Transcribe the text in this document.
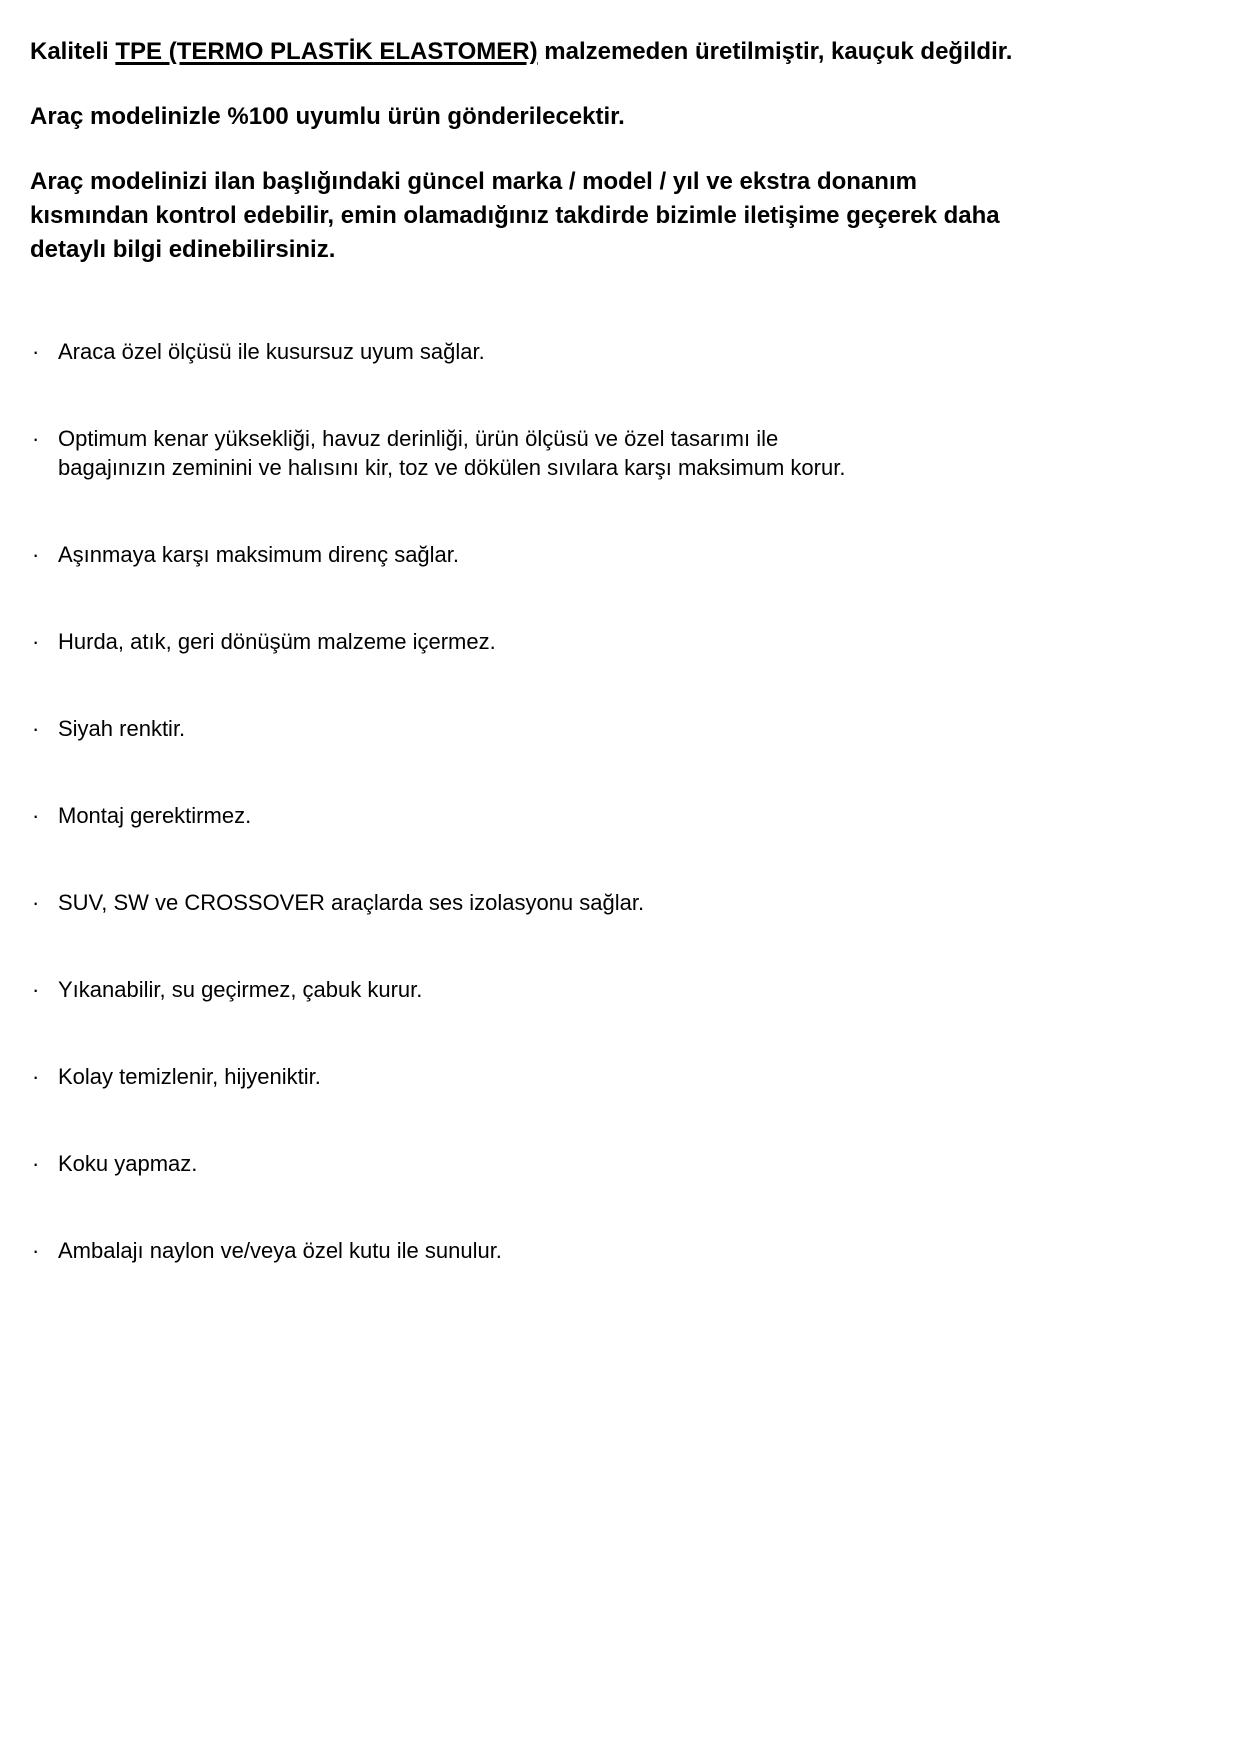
Kaliteli TPE (TERMO PLASTİK ELASTOMER) malzemeden üretilmiştir, kauçuk değildir.

Araç modelinizle %100 uyumlu ürün gönderilecektir.

Araç modelinizi ilan başlığındaki güncel marka / model / yıl ve ekstra donanım
kısmından kontrol edebilir, emin olamadığınız takdirde bizimle iletişime geçerek daha
detaylı bilgi edinebilirsiniz.
· Araca özel ölçüsü ile kusursuz uyum sağlar.
· Optimum kenar yüksekliği, havuz derinliği, ürün ölçüsü ve özel tasarımı ile
bagajınızın zeminini ve halısını kir, toz ve dökülen sıvılara karşı maksimum korur.
· Aşınmaya karşı maksimum direnç sağlar.
· Hurda, atık, geri dönüşüm malzeme içermez.
· Siyah renktir.
· Montaj gerektirmez.
· SUV, SW ve CROSSOVER araçlarda ses izolasyonu sağlar.
· Yıkanabilir, su geçirmez, çabuk kurur.
· Kolay temizlenir, hijyeniktir.
· Koku yapmaz.
· Ambalajı naylon ve/veya özel kutu ile sunulur.
